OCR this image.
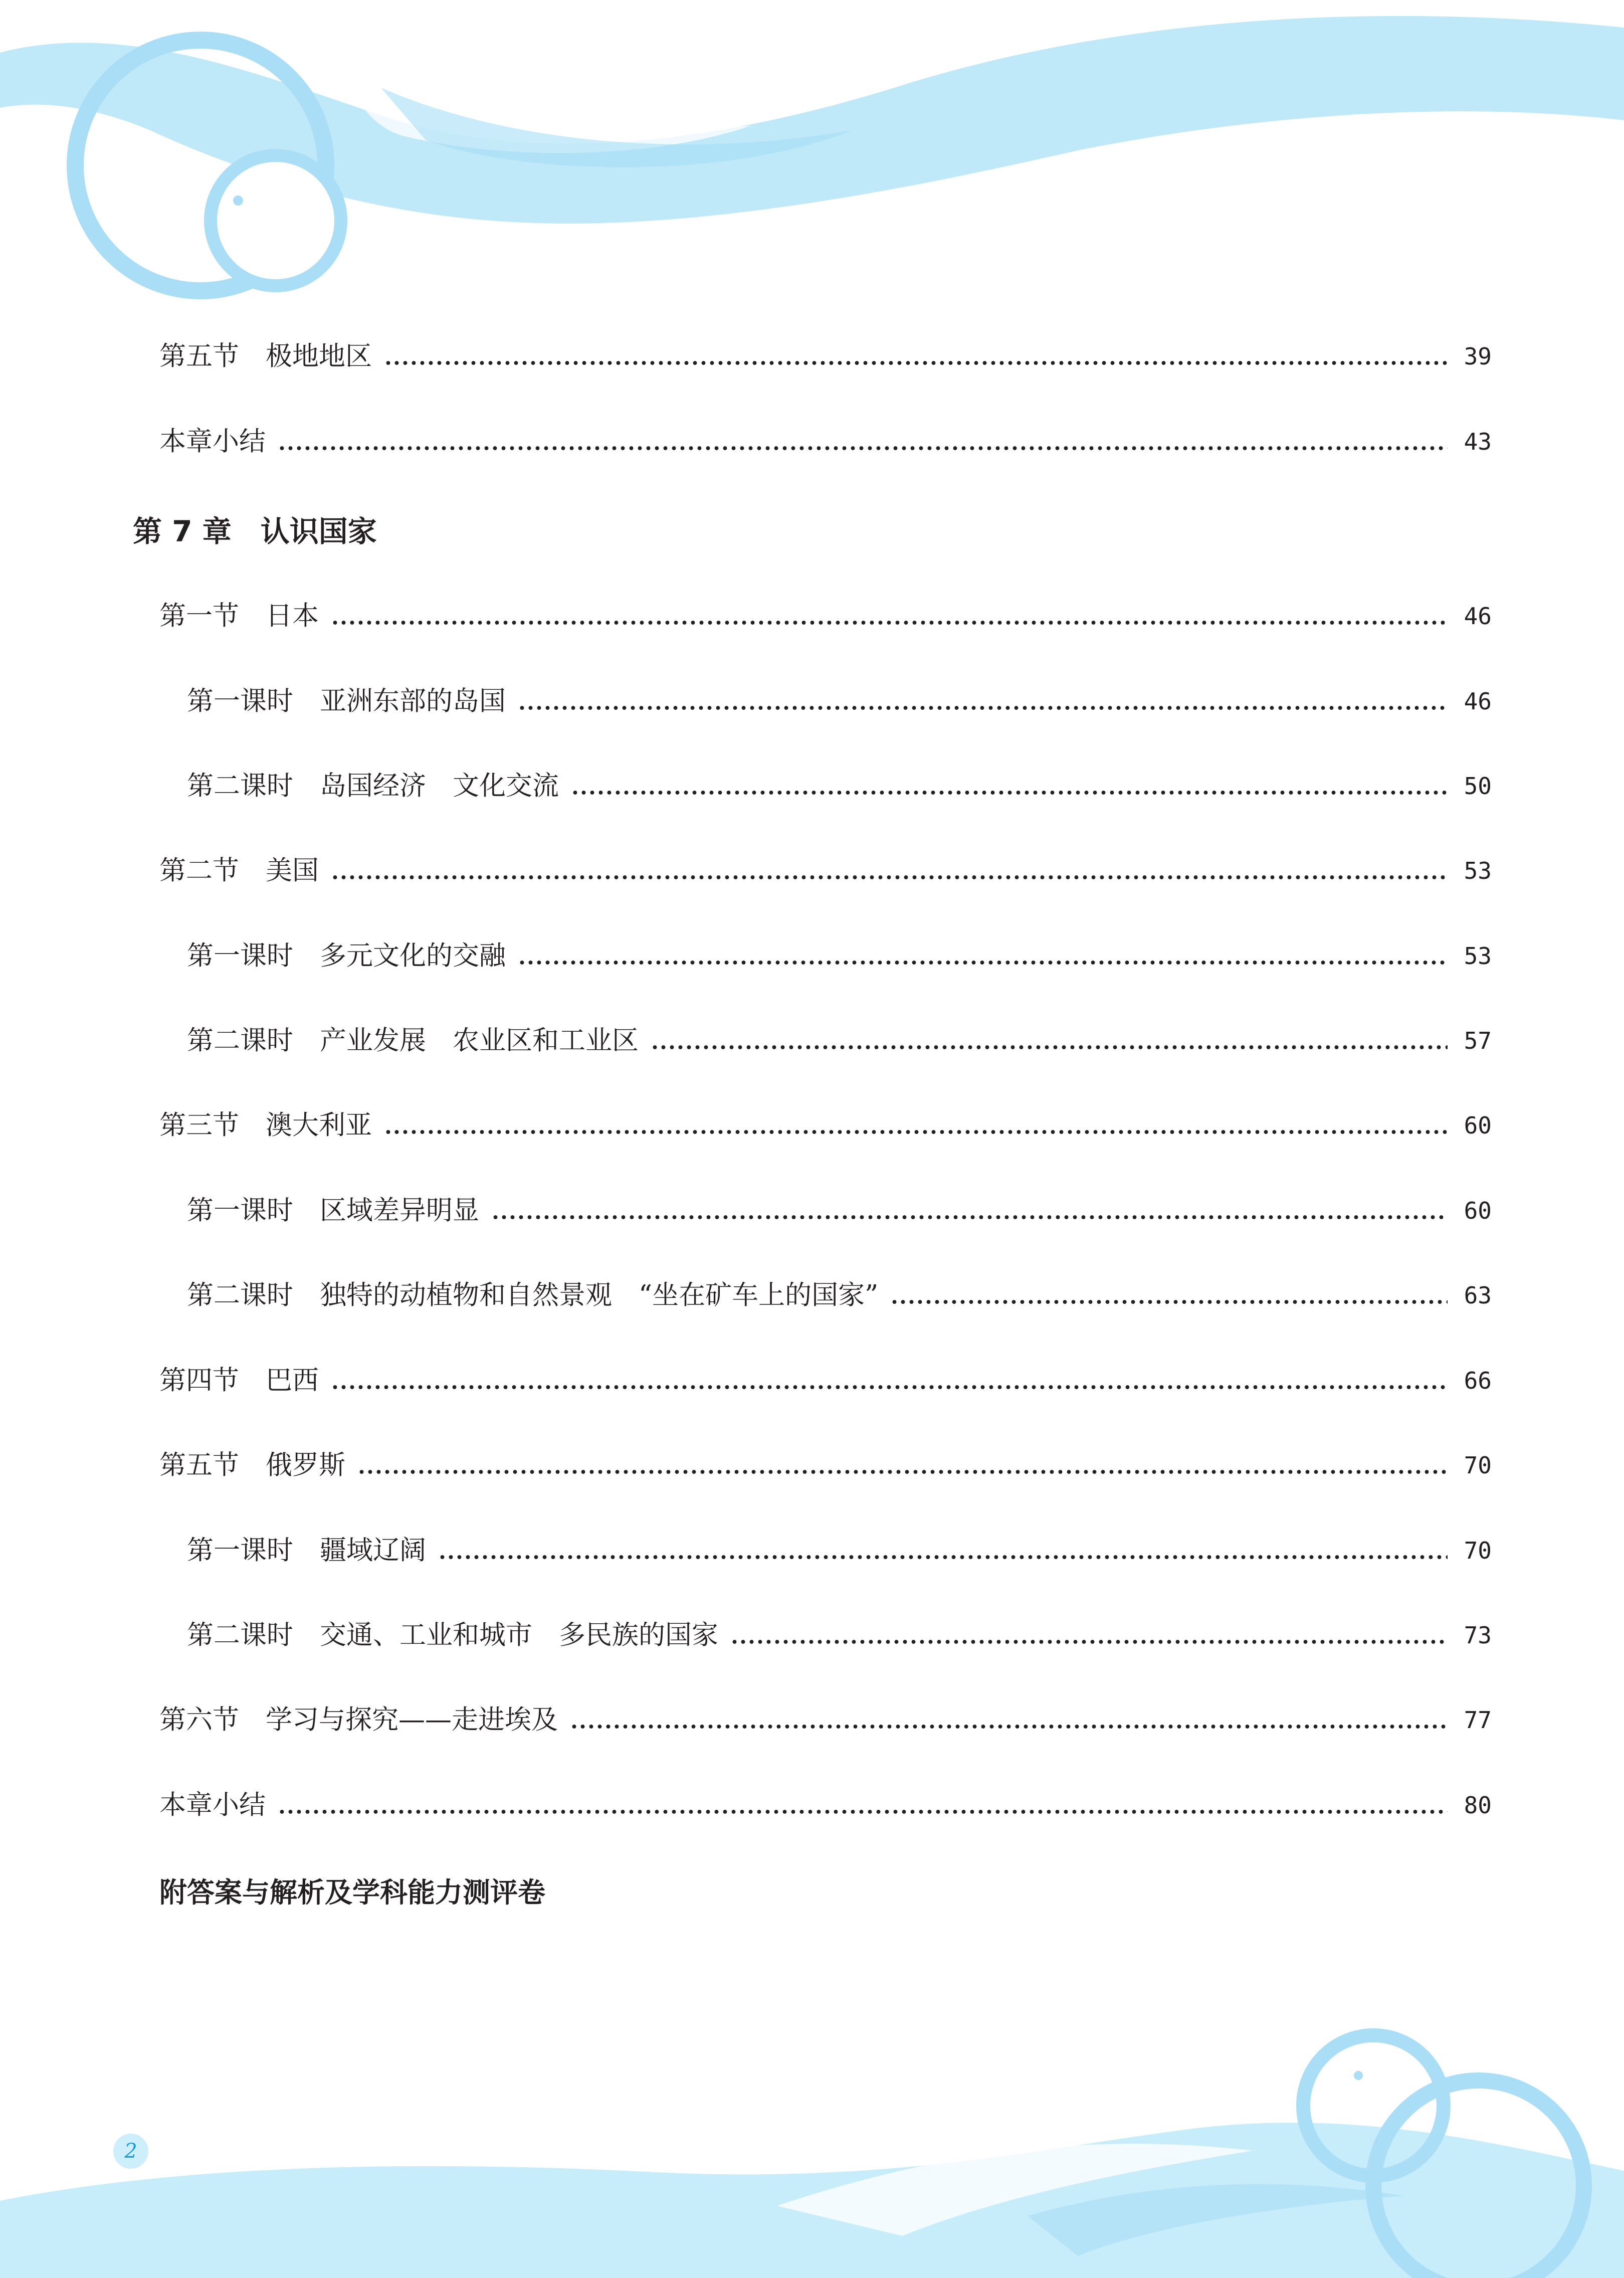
第五节　极地地区	39
本章小结	43
第 7 章　认识国家
第一节　日本	46
第一课时　亚洲东部的岛国	46
第二课时　岛国经济　文化交流	50
第二节　美国	53
第一课时　多元文化的交融	53
第二课时　产业发展　农业区和工业区	57
第三节　澳大利亚	60
第一课时　区域差异明显	60
第二课时　独特的动植物和自然景观　“坐在矿车上的国家”	63
第四节　巴西	66
第五节　俄罗斯	70
第一课时　疆域辽阔	70
第二课时　交通、工业和城市　多民族的国家	73
第六节　学习与探究——走进埃及	77
本章小结	80
附答案与解析及学科能力测评卷
2
